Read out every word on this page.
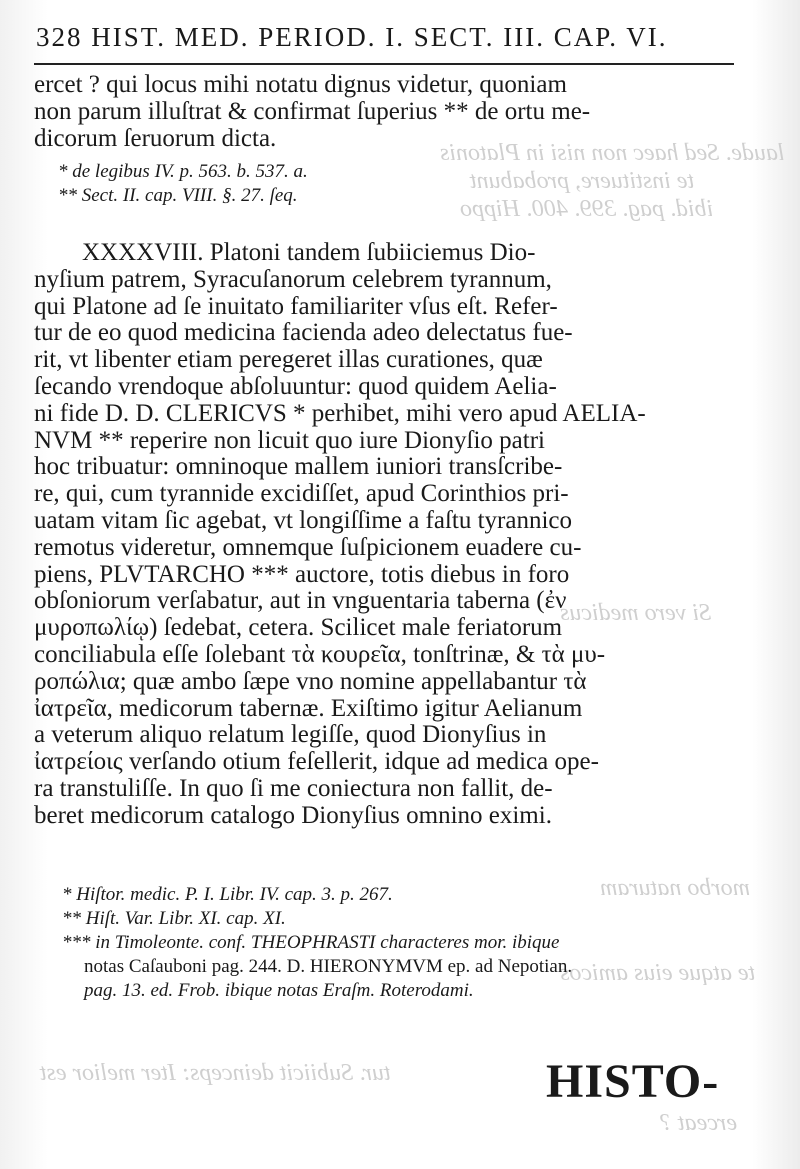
laude. Sed haec non nisi in Platonis
te instituere, probabunt
ibid. pag. 399. 400. Hippo
Si vero medicus
morbo naturam
te atque eius amicos
tur. Subiicit deinceps: Iter melior est
erceat ?
328 HIST. MED. PERIOD. I. SECT. III. CAP. VI.
ercet ? qui locus mihi notatu dignus videtur, quoniam
non parum illuſtrat & confirmat ſuperius ** de ortu me-
dicorum ſeruorum dicta.
* de legibus IV. p. 563. b. 537. a.
** Sect. II. cap. VIII. §. 27. ſeq.
XXXXVIII. Platoni tandem ſubiiciemus Dio-
nyſium patrem, Syracuſanorum celebrem tyrannum,
qui Platone ad ſe inuitato familiariter vſus eſt. Refer-
tur de eo quod medicina facienda adeo delectatus fue-
rit, vt libenter etiam peregeret illas curationes, quæ
ſecando vrendoque abſoluuntur: quod quidem Aelia-
ni fide D. D. CLERICVS * perhibet, mihi vero apud AELIA-
NVM ** reperire non licuit quo iure Dionyſio patri
hoc tribuatur: omninoque mallem iuniori transſcribe-
re, qui, cum tyrannide excidiſſet, apud Corinthios pri-
uatam vitam ſic agebat, vt longiſſime a faſtu tyrannico
remotus videretur, omnemque ſuſpicionem euadere cu-
piens, PLVTARCHO *** auctore, totis diebus in foro
obſoniorum verſabatur, aut in vnguentaria taberna (ἐν
μυροπωλίῳ) ſedebat, cetera. Scilicet male feriatorum
conciliabula eſſe ſolebant τὰ κουρεῖα, tonſtrinæ, & τὰ μυ-
ροπώλια; quæ ambo ſæpe vno nomine appellabantur τὰ
ἰατρεῖα, medicorum tabernæ. Exiſtimo igitur Aelianum
a veterum aliquo relatum legiſſe, quod Dionyſius in
ἰατρείοις verſando otium feſellerit, idque ad medica ope-
ra transtuliſſe. In quo ſi me coniectura non fallit, de-
beret medicorum catalogo Dionyſius omnino eximi.
* Hiſtor. medic. P. I. Libr. IV. cap. 3. p. 267.
** Hiſt. Var. Libr. XI. cap. XI.
*** in Timoleonte. conf. THEOPHRASTI characteres mor. ibique
notas Caſauboni pag. 244. D. HIERONYMVM ep. ad Nepotian.
pag. 13. ed. Frob. ibique notas Eraſm. Roterodami.
HISTO-
